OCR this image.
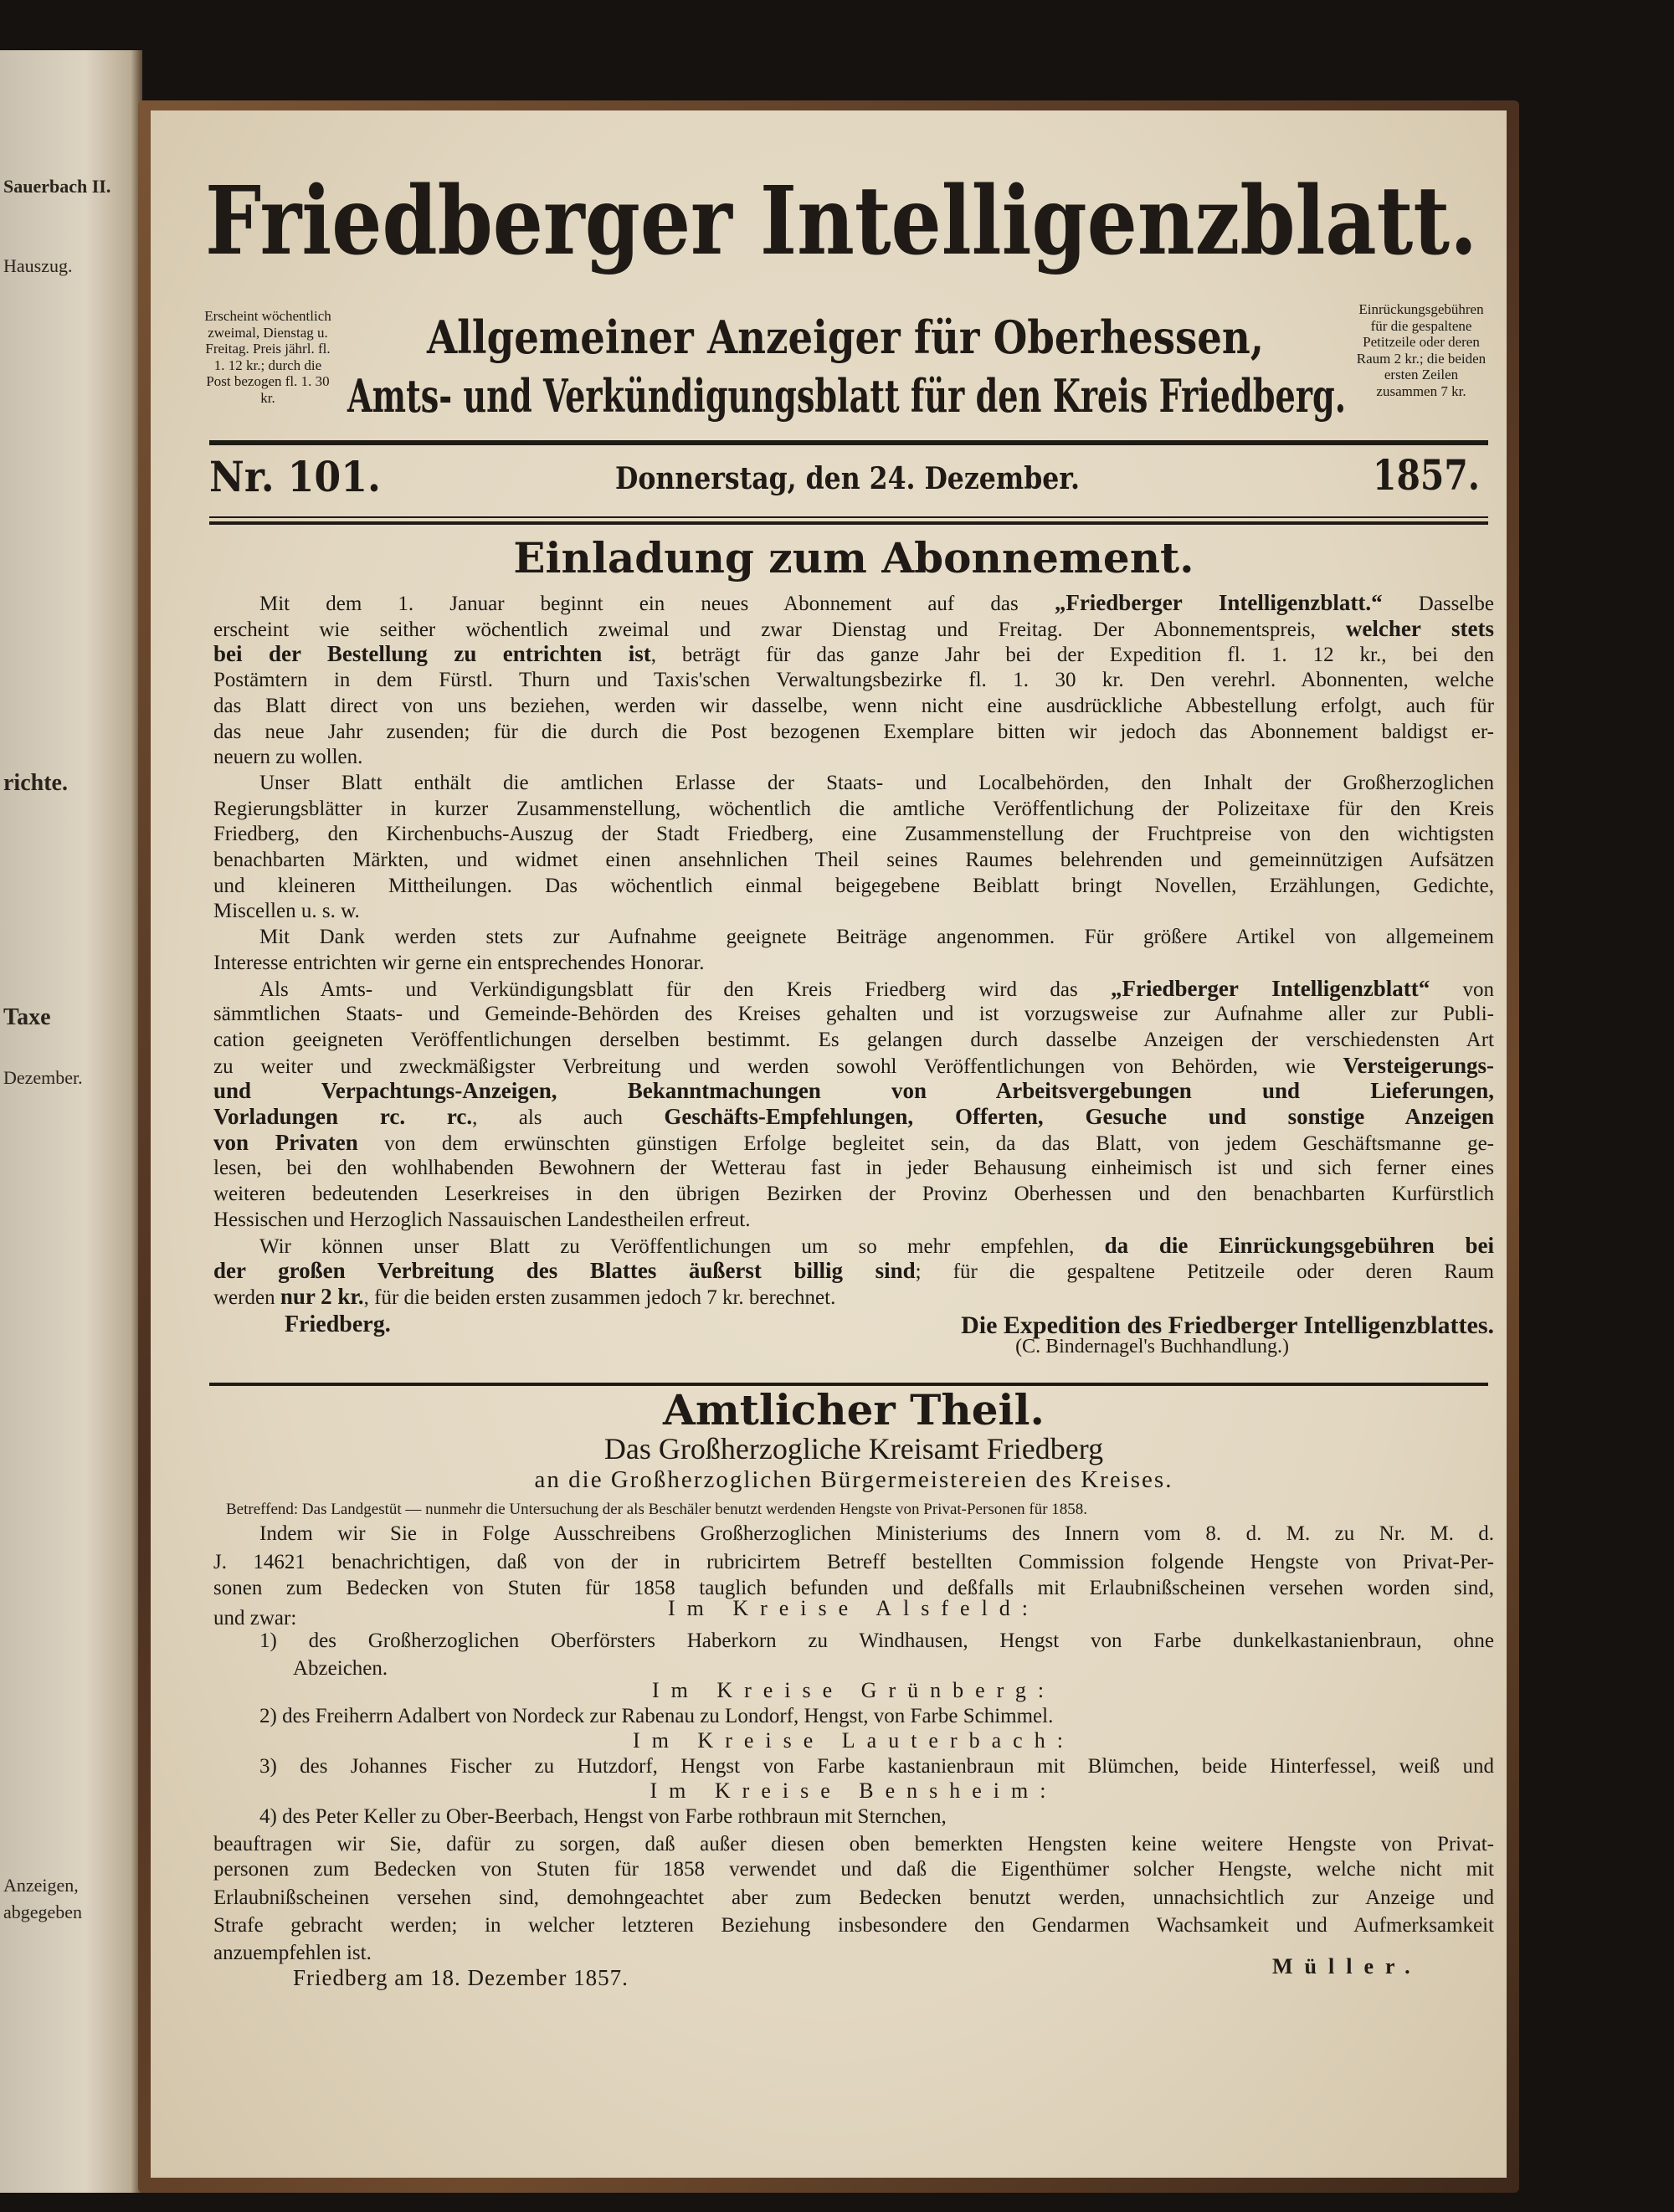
Sauerbach II.
Hauszug.
richte.
Taxe
Dezember.
Anzeigen,
abgegeben
Friedberger Intelligenzblatt.
Erscheint wöchentlich zweimal, Dienstag u. Freitag. Preis jährl. fl. 1. 12 kr.; durch die Post bezogen fl. 1. 30 kr.
Einrückungsgebühren für die gespaltene Petitzeile oder deren Raum 2 kr.; die beiden ersten Zeilen zusammen 7 kr.
Allgemeiner Anzeiger für Oberhessen,
Amts- und Verkündigungsblatt für den Kreis Friedberg.
Nr. 101.	Donnerstag, den 24. Dezember.	1857.
Einladung zum Abonnement.
Mit dem 1. Januar beginnt ein neues Abonnement auf das „Friedberger Intelligenzblatt.“ Dasselbe
erscheint wie seither wöchentlich zweimal und zwar Dienstag und Freitag. Der Abonnementspreis, welcher stets
bei der Bestellung zu entrichten ist, beträgt für das ganze Jahr bei der Expedition fl. 1. 12 kr., bei den
Postämtern in dem Fürstl. Thurn und Taxis'schen Verwaltungsbezirke fl. 1. 30 kr. Den verehrl. Abonnenten, welche
das Blatt direct von uns beziehen, werden wir dasselbe, wenn nicht eine ausdrückliche Abbestellung erfolgt, auch für
das neue Jahr zusenden; für die durch die Post bezogenen Exemplare bitten wir jedoch das Abonnement baldigst er-
neuern zu wollen.
Unser Blatt enthält die amtlichen Erlasse der Staats- und Localbehörden, den Inhalt der Großherzoglichen
Regierungsblätter in kurzer Zusammenstellung, wöchentlich die amtliche Veröffentlichung der Polizeitaxe für den Kreis
Friedberg, den Kirchenbuchs-Auszug der Stadt Friedberg, eine Zusammenstellung der Fruchtpreise von den wichtigsten
benachbarten Märkten, und widmet einen ansehnlichen Theil seines Raumes belehrenden und gemeinnützigen Aufsätzen
und kleineren Mittheilungen. Das wöchentlich einmal beigegebene Beiblatt bringt Novellen, Erzählungen, Gedichte,
Miscellen u. s. w.
Mit Dank werden stets zur Aufnahme geeignete Beiträge angenommen. Für größere Artikel von allgemeinem
Interesse entrichten wir gerne ein entsprechendes Honorar.
Als Amts- und Verkündigungsblatt für den Kreis Friedberg wird das „Friedberger Intelligenzblatt“ von
sämmtlichen Staats- und Gemeinde-Behörden des Kreises gehalten und ist vorzugsweise zur Aufnahme aller zur Publi-
cation geeigneten Veröffentlichungen derselben bestimmt. Es gelangen durch dasselbe Anzeigen der verschiedensten Art
zu weiter und zweckmäßigster Verbreitung und werden sowohl Veröffentlichungen von Behörden, wie Versteigerungs-
und Verpachtungs-Anzeigen, Bekanntmachungen von Arbeitsvergebungen und Lieferungen,
Vorladungen rc. rc., als auch Geschäfts-Empfehlungen, Offerten, Gesuche und sonstige Anzeigen
von Privaten von dem erwünschten günstigen Erfolge begleitet sein, da das Blatt, von jedem Geschäftsmanne ge-
lesen, bei den wohlhabenden Bewohnern der Wetterau fast in jeder Behausung einheimisch ist und sich ferner eines
weiteren bedeutenden Leserkreises in den übrigen Bezirken der Provinz Oberhessen und den benachbarten Kurfürstlich
Hessischen und Herzoglich Nassauischen Landestheilen erfreut.
Wir können unser Blatt zu Veröffentlichungen um so mehr empfehlen, da die Einrückungsgebühren bei
der großen Verbreitung des Blattes äußerst billig sind; für die gespaltene Petitzeile oder deren Raum
werden nur 2 kr., für die beiden ersten zusammen jedoch 7 kr. berechnet.
Friedberg.	Die Expedition des Friedberger Intelligenzblattes.
(C. Bindernagel's Buchhandlung.)
Amtlicher Theil.
Das Großherzogliche Kreisamt Friedberg
an die Großherzoglichen Bürgermeistereien des Kreises.
Betreffend: Das Landgestüt — nunmehr die Untersuchung der als Beschäler benutzt werdenden Hengste von Privat-Personen für 1858.
Indem wir Sie in Folge Ausschreibens Großherzoglichen Ministeriums des Innern vom 8. d. M. zu Nr. M. d.
J. 14621 benachrichtigen, daß von der in rubricirtem Betreff bestellten Commission folgende Hengste von Privat-Per-
sonen zum Bedecken von Stuten für 1858 tauglich befunden und deßfalls mit Erlaubnißscheinen versehen worden sind,
und zwar:	Im Kreise Alsfeld:
1) des Großherzoglichen Oberförsters Haberkorn zu Windhausen, Hengst von Farbe dunkelkastanienbraun, ohne
Abzeichen.
Im Kreise Grünberg:
2) des Freiherrn Adalbert von Nordeck zur Rabenau zu Londorf, Hengst, von Farbe Schimmel.
Im Kreise Lauterbach:
3) des Johannes Fischer zu Hutzdorf, Hengst von Farbe kastanienbraun mit Blümchen, beide Hinterfessel, weiß und
Im Kreise Bensheim:
4) des Peter Keller zu Ober-Beerbach, Hengst von Farbe rothbraun mit Sternchen,
beauftragen wir Sie, dafür zu sorgen, daß außer diesen oben bemerkten Hengsten keine weitere Hengste von Privat-
personen zum Bedecken von Stuten für 1858 verwendet und daß die Eigenthümer solcher Hengste, welche nicht mit
Erlaubnißscheinen versehen sind, demohngeachtet aber zum Bedecken benutzt werden, unnachsichtlich zur Anzeige und
Strafe gebracht werden; in welcher letzteren Beziehung insbesondere den Gendarmen Wachsamkeit und Aufmerksamkeit
anzuempfehlen ist.
Müller.
Friedberg am 18. Dezember 1857.
